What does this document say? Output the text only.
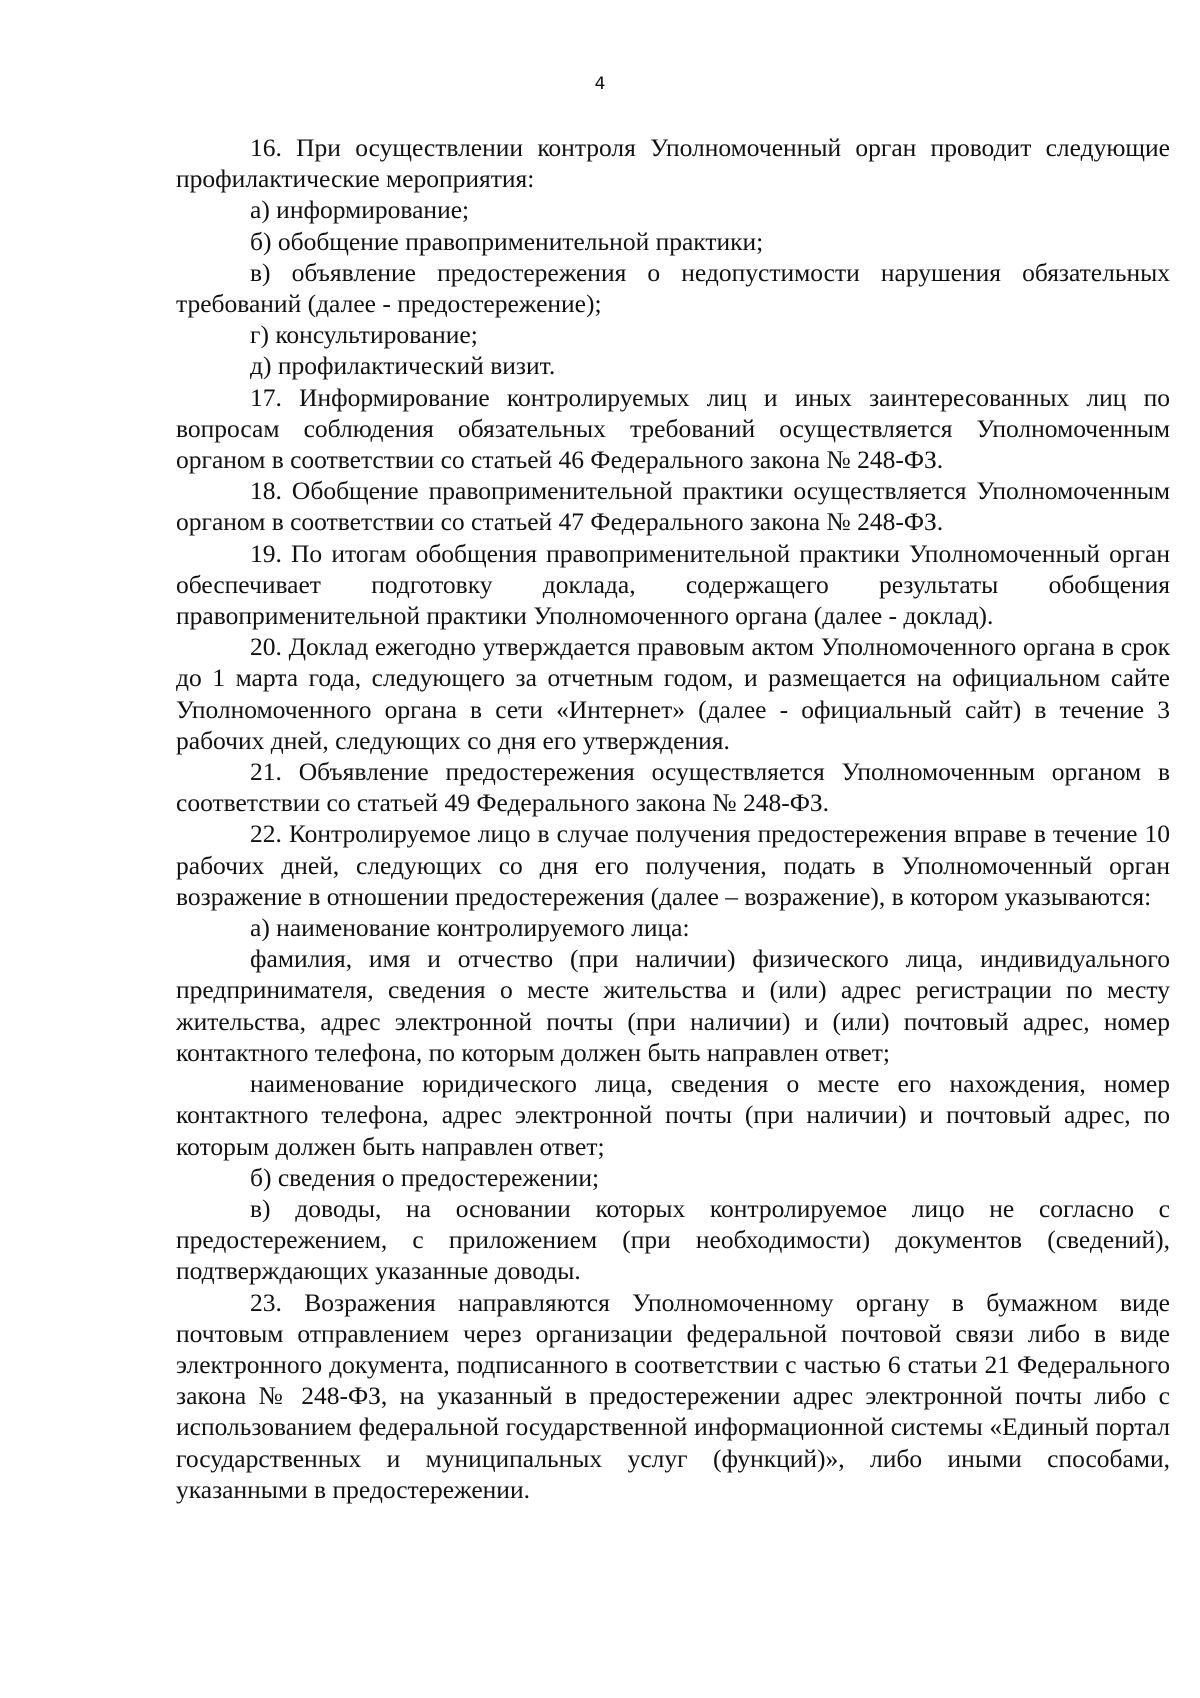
4

16. При осуществлении контроля Уполномоченный орган проводит следующие профилактические мероприятия:

а) информирование;

б) обобщение правоприменительной практики;

в) объявление предостережения о недопустимости нарушения обязательных требований (далее - предостережение);

г) консультирование;

д) профилактический визит.

17. Информирование контролируемых лиц и иных заинтересованных лиц по вопросам соблюдения обязательных требований осуществляется Уполномоченным органом в соответствии со статьей 46 Федерального закона № 248-ФЗ.

18. Обобщение правоприменительной практики осуществляется Уполномоченным органом в соответствии со статьей 47 Федерального закона № 248-ФЗ.

19. По итогам обобщения правоприменительной практики Уполномоченный орган обеспечивает подготовку доклада, содержащего результаты обобщения правоприменительной практики Уполномоченного органа (далее - доклад).

20. Доклад ежегодно утверждается правовым актом Уполномоченного органа в срок до 1 марта года, следующего за отчетным годом, и размещается на официальном сайте Уполномоченного органа в сети «Интернет» (далее - официальный сайт) в течение 3 рабочих дней, следующих со дня его утверждения.

21. Объявление предостережения осуществляется Уполномоченным органом в соответствии со статьей 49 Федерального закона № 248-ФЗ.

22. Контролируемое лицо в случае получения предостережения вправе в течение 10 рабочих дней, следующих со дня его получения, подать в Уполномоченный орган возражение в отношении предостережения (далее – возражение), в котором указываются:

а) наименование контролируемого лица:

фамилия, имя и отчество (при наличии) физического лица, индивидуального предпринимателя, сведения о месте жительства и (или) адрес регистрации по месту жительства, адрес электронной почты (при наличии) и (или) почтовый адрес, номер контактного телефона, по которым должен быть направлен ответ;

наименование юридического лица, сведения о месте его нахождения, номер контактного телефона, адрес электронной почты (при наличии) и почтовый адрес, по которым должен быть направлен ответ;

б) сведения о предостережении;

в) доводы, на основании которых контролируемое лицо не согласно с предостережением, с приложением (при необходимости) документов (сведений), подтверждающих указанные доводы.

23. Возражения направляются Уполномоченному органу в бумажном виде почтовым отправлением через организации федеральной почтовой связи либо в виде электронного документа, подписанного в соответствии с частью 6 статьи 21 Федерального закона № 248-ФЗ, на указанный в предостережении адрес электронной почты либо с использованием федеральной государственной информационной системы «Единый портал государственных и муниципальных услуг (функций)», либо иными способами, указанными в предостережении.
